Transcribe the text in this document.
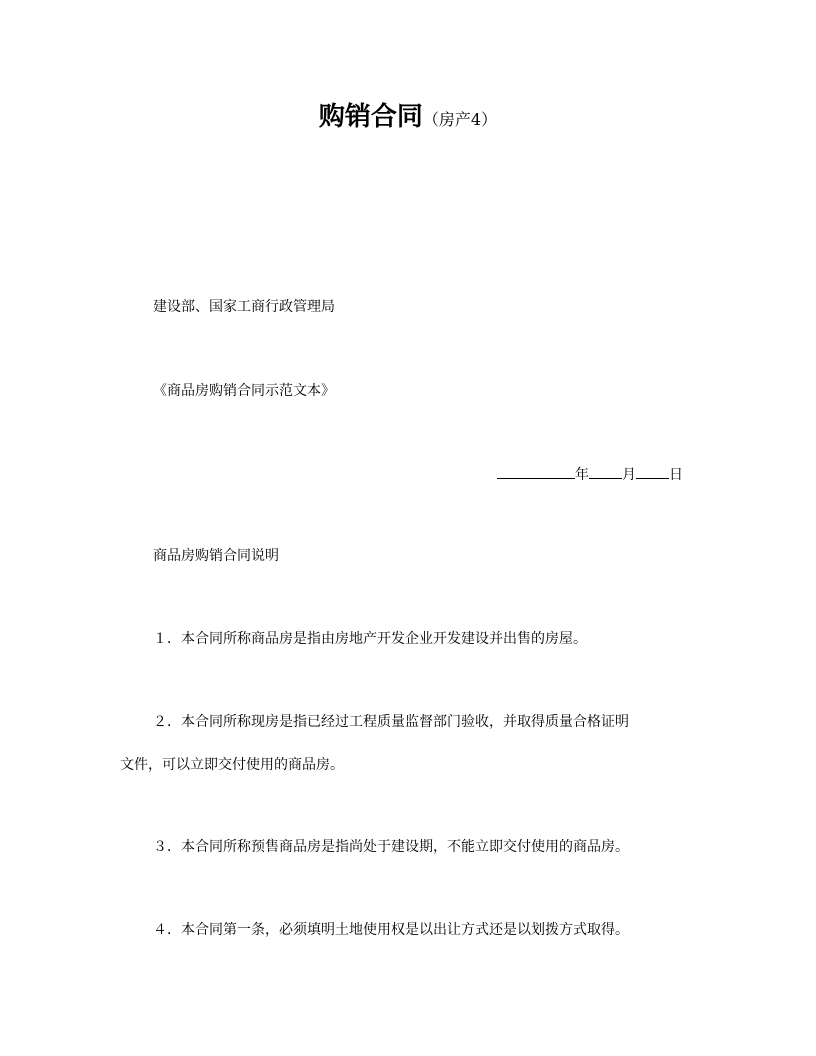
购销合同（房产4）
建设部、国家工商行政管理局
《商品房购销合同示范文本》
年 月 日
商品房购销合同说明
１．本合同所称商品房是指由房地产开发企业开发建设并出售的房屋。
２．本合同所称现房是指已经过工程质量监督部门验收，并取得质量合格证明
文件，可以立即交付使用的商品房。
３．本合同所称预售商品房是指尚处于建设期，不能立即交付使用的商品房。
４．本合同第一条，必须填明土地使用权是以出让方式还是以划拨方式取得。
